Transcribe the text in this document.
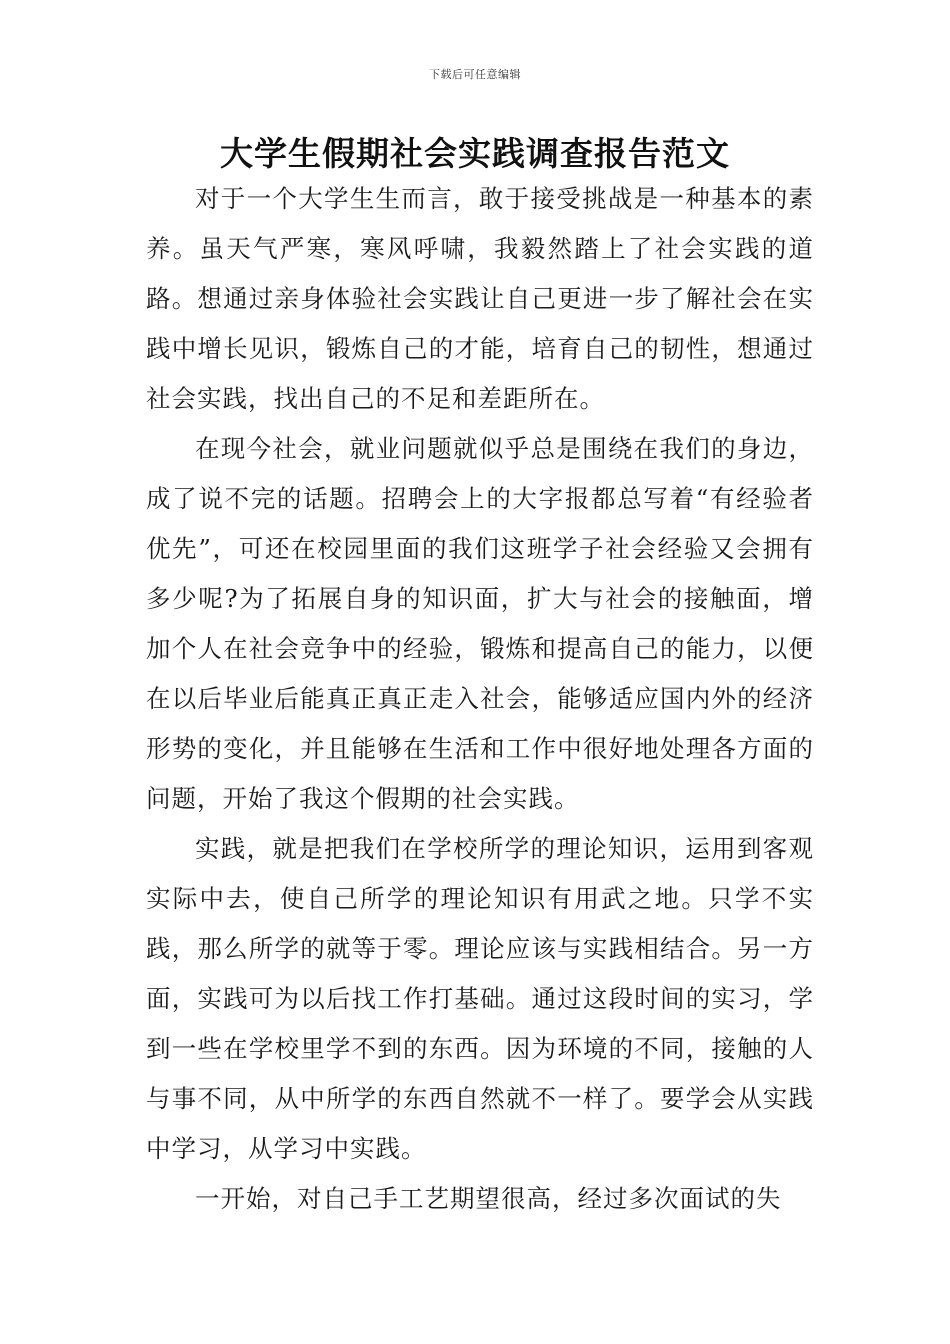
下载后可任意编辑
大学生假期社会实践调查报告范文

对于一个大学生生而言，敢于接受挑战是一种基本的素养。虽天气严寒，寒风呼啸，我毅然踏上了社会实践的道路。想通过亲身体验社会实践让自己更进一步了解社会在实践中增长见识，锻炼自己的才能，培育自己的韧性，想通过社会实践，找出自己的不足和差距所在。

在现今社会，就业问题就似乎总是围绕在我们的身边，成了说不完的话题。招聘会上的大字报都总写着“有经验者优先”，可还在校园里面的我们这班学子社会经验又会拥有多少呢?为了拓展自身的知识面，扩大与社会的接触面，增加个人在社会竞争中的经验，锻炼和提高自己的能力，以便在以后毕业后能真正真正走入社会，能够适应国内外的经济形势的变化，并且能够在生活和工作中很好地处理各方面的问题，开始了我这个假期的社会实践。

实践，就是把我们在学校所学的理论知识，运用到客观实际中去，使自己所学的理论知识有用武之地。只学不实践，那么所学的就等于零。理论应该与实践相结合。另一方面，实践可为以后找工作打基础。通过这段时间的实习，学到一些在学校里学不到的东西。因为环境的不同，接触的人与事不同，从中所学的东西自然就不一样了。要学会从实践中学习，从学习中实践。

一开始，对自己手工艺期望很高，经过多次面试的失
